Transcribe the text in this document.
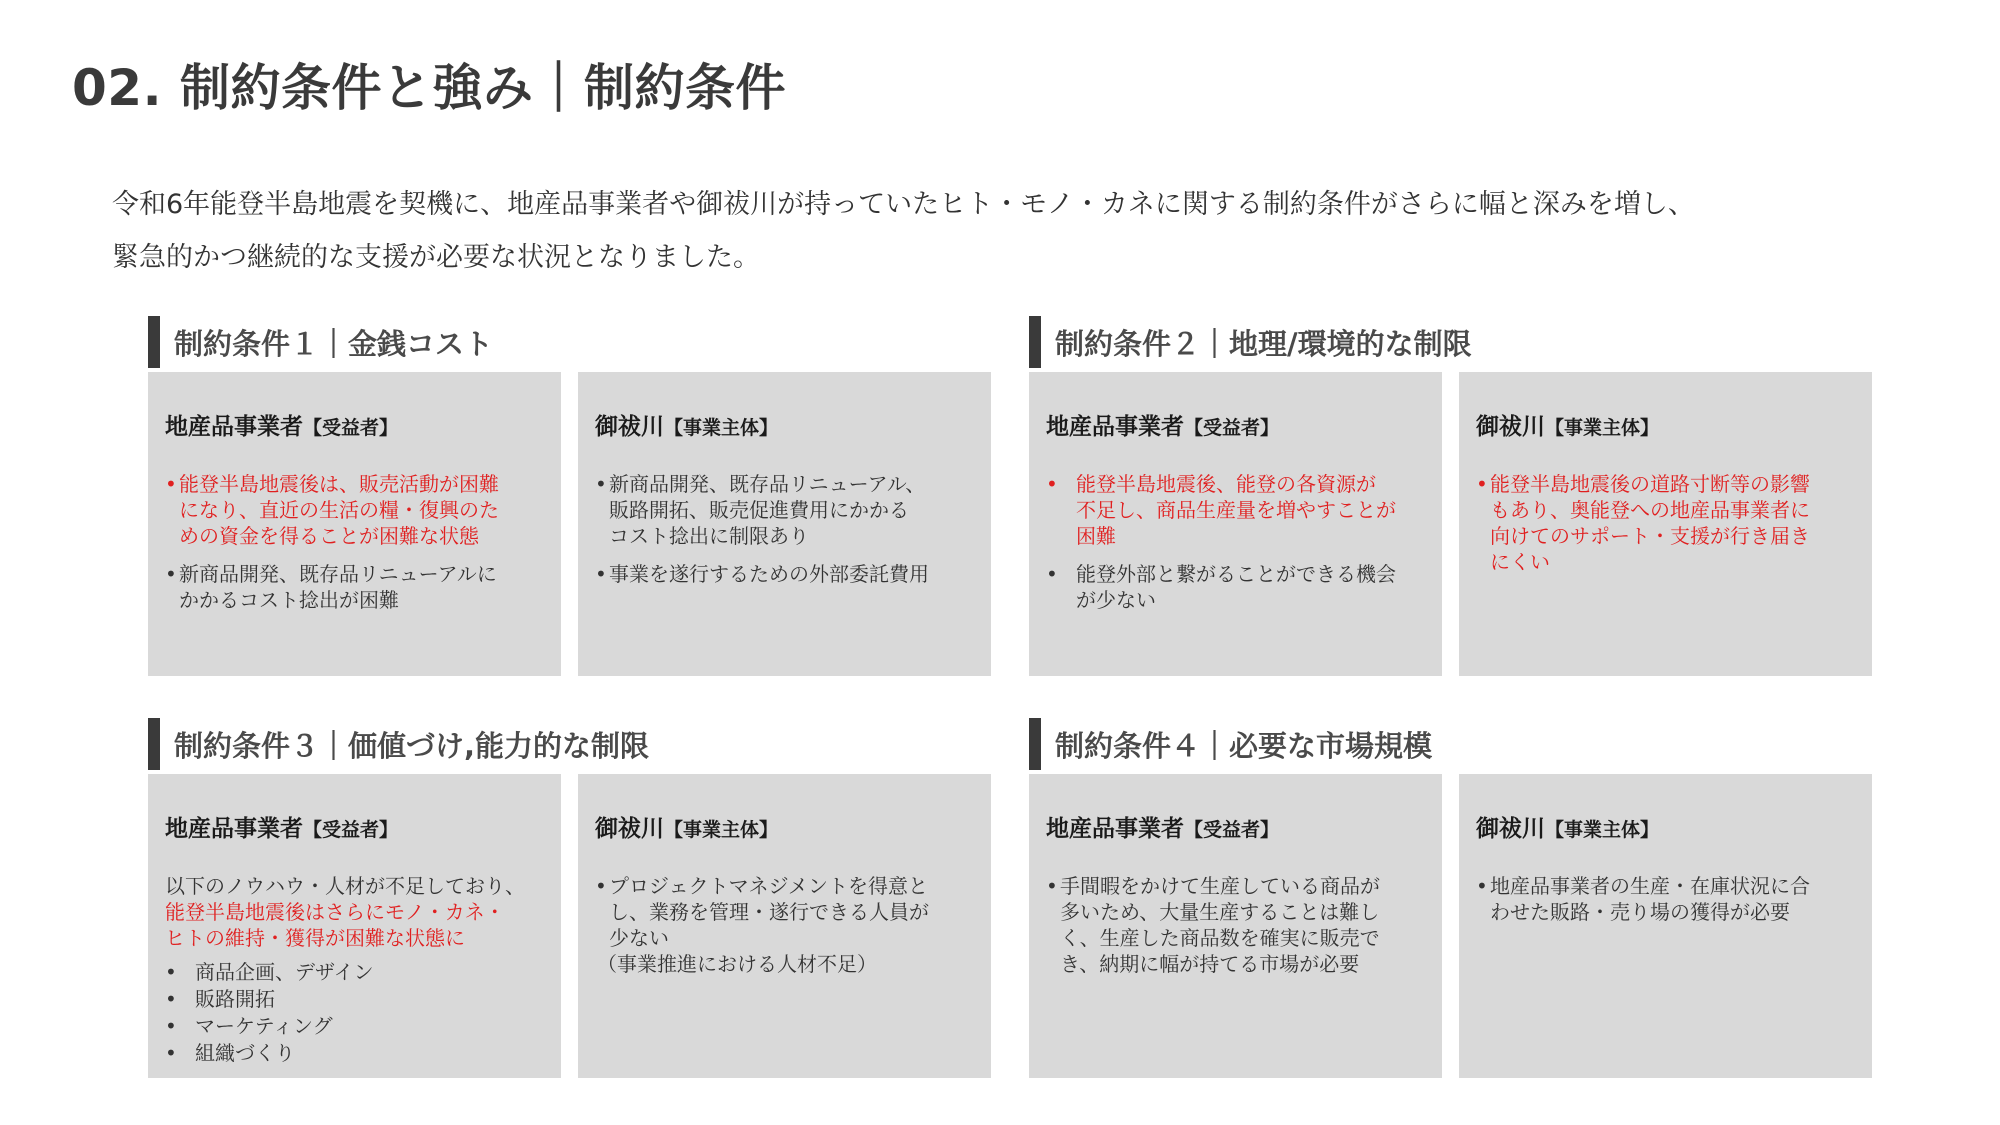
02. 制約条件と強み｜制約条件

令和6年能登半島地震を契機に、地産品事業者や御祓川が持っていたヒト・モノ・カネに関する制約条件がさらに幅と深みを増し、

緊急的かつ継続的な支援が必要な状況となりました。

制約条件１｜金銭コスト
地産品事業者【受益者】
• 能登半島地震後は、販売活動が困難
になり、直近の生活の糧・復興のた
めの資金を得ることが困難な状態
• 新商品開発、既存品リニューアルに
かかるコスト捻出が困難
御祓川【事業主体】
• 新商品開発、既存品リニューアル、
販路開拓、販売促進費用にかかる
コスト捻出に制限あり
• 事業を遂行するための外部委託費用
制約条件２｜地理/環境的な制限
地産品事業者【受益者】
• 能登半島地震後、能登の各資源が
不足し、商品生産量を増やすことが
困難
• 能登外部と繋がることができる機会
が少ない
御祓川【事業主体】
• 能登半島地震後の道路寸断等の影響
もあり、奥能登への地産品事業者に
向けてのサポート・支援が行き届き
にくい
制約条件３｜価値づけ,能力的な制限
地産品事業者【受益者】
以下のノウハウ・人材が不足しており、
能登半島地震後はさらにモノ・カネ・
ヒトの維持・獲得が困難な状態に
• 商品企画、デザイン
• 販路開拓
• マーケティング
• 組織づくり
御祓川【事業主体】
• プロジェクトマネジメントを得意と
し、業務を管理・遂行できる人員が
少ない
（事業推進における人材不足）
制約条件４｜必要な市場規模
地産品事業者【受益者】
• 手間暇をかけて生産している商品が
多いため、大量生産することは難し
く、生産した商品数を確実に販売で
き、納期に幅が持てる市場が必要
御祓川【事業主体】
• 地産品事業者の生産・在庫状況に合
わせた販路・売り場の獲得が必要
